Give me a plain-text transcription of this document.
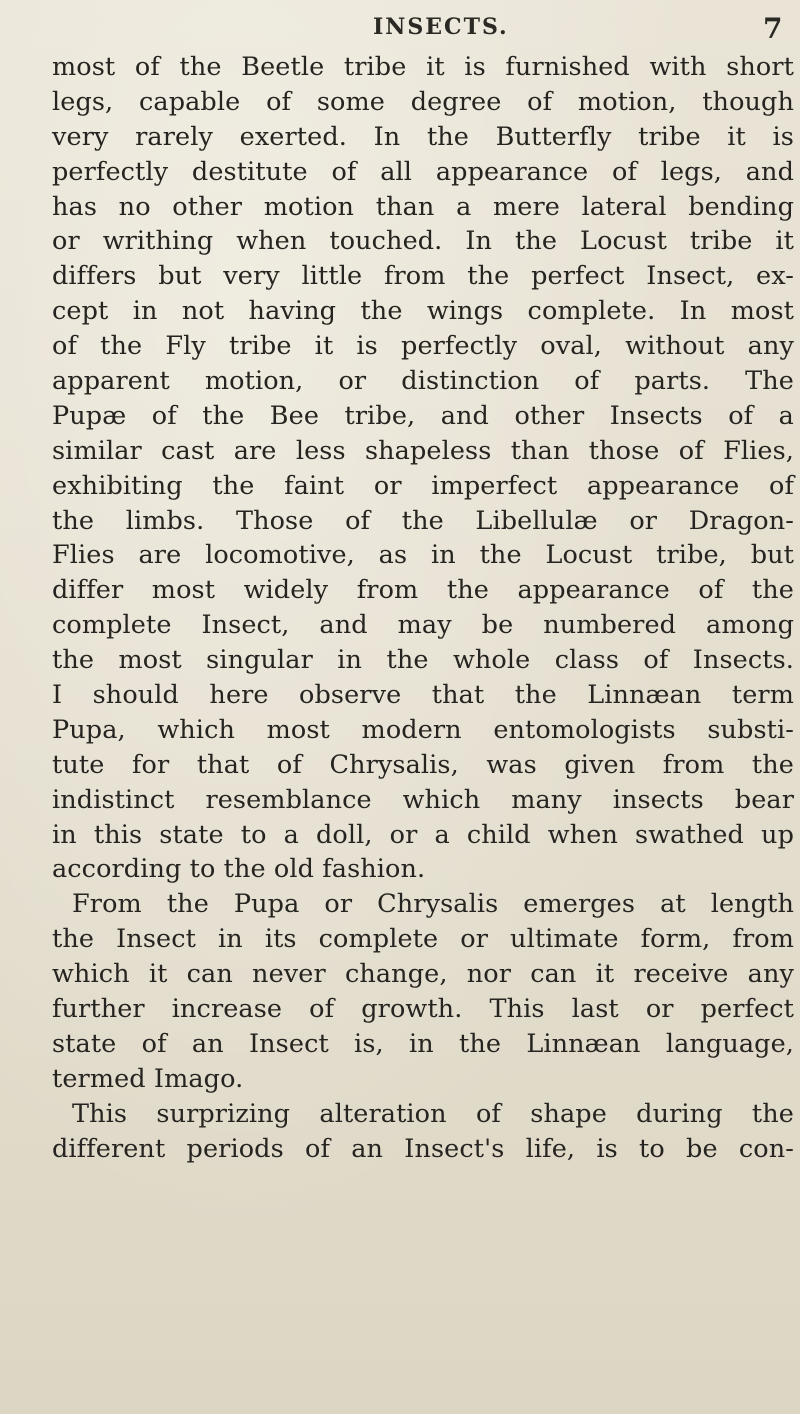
INSECTS.	7
most of the Beetle tribe it is furnished with short
legs, capable of some degree of motion, though
very rarely exerted. In the Butterfly tribe it is
perfectly destitute of all appearance of legs, and
has no other motion than a mere lateral bending
or writhing when touched. In the Locust tribe it
differs but very little from the perfect Insect, ex-
cept in not having the wings complete. In most
of the Fly tribe it is perfectly oval, without any
apparent motion, or distinction of parts. The
Pupæ of the Bee tribe, and other Insects of a
similar cast are less shapeless than those of Flies,
exhibiting the faint or imperfect appearance of
the limbs. Those of the Libellulæ or Dragon-
Flies are locomotive, as in the Locust tribe, but
differ most widely from the appearance of the
complete Insect, and may be numbered among
the most singular in the whole class of Insects.
I should here observe that the Linnæan term
Pupa, which most modern entomologists substi-
tute for that of Chrysalis, was given from the
indistinct resemblance which many insects bear
in this state to a doll, or a child when swathed up
according to the old fashion.
From the Pupa or Chrysalis emerges at length
the Insect in its complete or ultimate form, from
which it can never change, nor can it receive any
further increase of growth. This last or perfect
state of an Insect is, in the Linnæan language,
termed Imago.
This surprizing alteration of shape during the
different periods of an Insect's life, is to be con-
